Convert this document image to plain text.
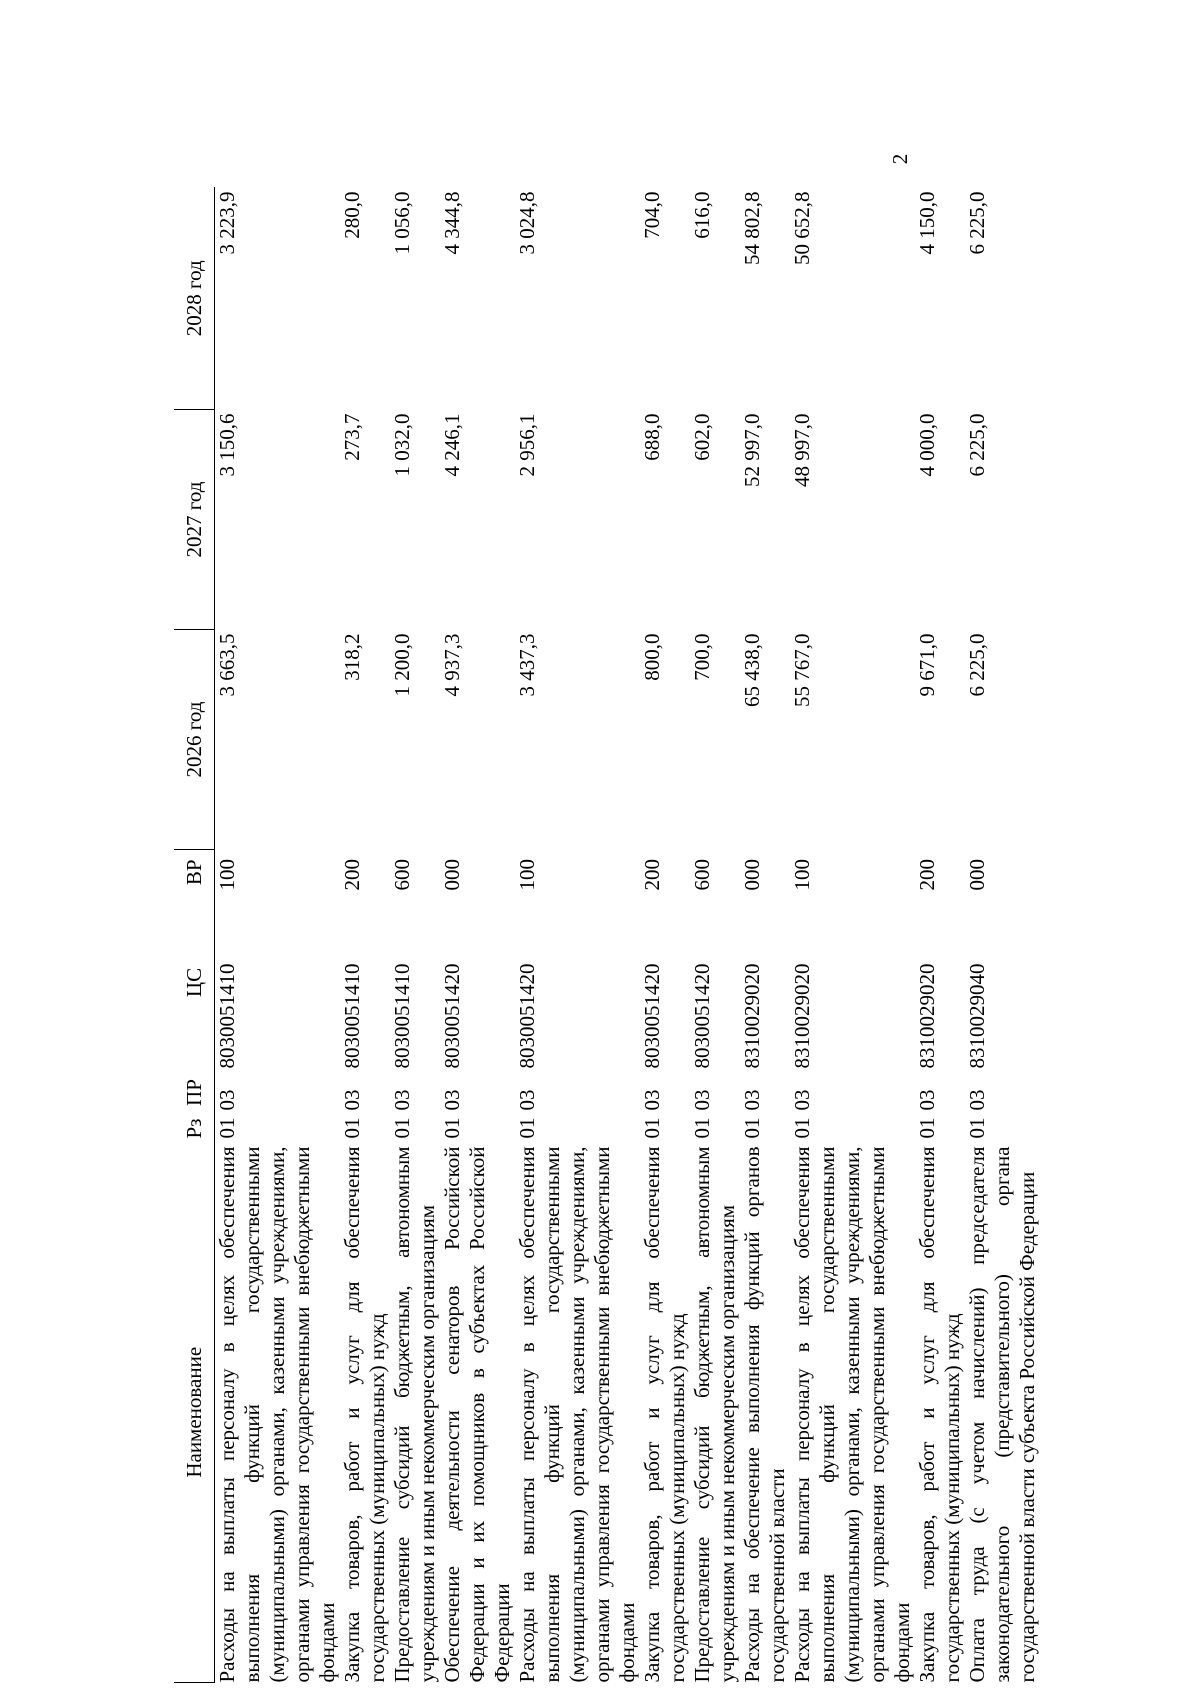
2
Наименование	Рз	ПР	ЦС	ВР	2026 год	2027 год	2028 год
Расходы на выплаты персоналу в целях обеспечения выполнения функций государственными (муниципальными) органами, казенными учреждениями, органами управления государственными внебюджетными фондами	01	03	8030051410	100	3 663,5	3 150,6	3 223,9
Закупка товаров, работ и услуг для обеспечения государственных (муниципальных) нужд	01	03	8030051410	200	318,2	273,7	280,0
Предоставление субсидий бюджетным, автономным учреждениям и иным некоммерческим организациям	01	03	8030051410	600	1 200,0	1 032,0	1 056,0
Обеспечение деятельности сенаторов Российской Федерации и их помощников в субъектах Российской Федерации	01	03	8030051420	000	4 937,3	4 246,1	4 344,8
Расходы на выплаты персоналу в целях обеспечения выполнения функций государственными (муниципальными) органами, казенными учреждениями, органами управления государственными внебюджетными фондами	01	03	8030051420	100	3 437,3	2 956,1	3 024,8
Закупка товаров, работ и услуг для обеспечения государственных (муниципальных) нужд	01	03	8030051420	200	800,0	688,0	704,0
Предоставление субсидий бюджетным, автономным учреждениям и иным некоммерческим организациям	01	03	8030051420	600	700,0	602,0	616,0
Расходы на обеспечение выполнения функций органов государственной власти	01	03	8310029020	000	65 438,0	52 997,0	54 802,8
Расходы на выплаты персоналу в целях обеспечения выполнения функций государственными (муниципальными) органами, казенными учреждениями, органами управления государственными внебюджетными фондами	01	03	8310029020	100	55 767,0	48 997,0	50 652,8
Закупка товаров, работ и услуг для обеспечения государственных (муниципальных) нужд	01	03	8310029020	200	9 671,0	4 000,0	4 150,0
Оплата труда (с учетом начислений) председателя законодательного (представительного) органа государственной власти субъекта Российской Федерации	01	03	8310029040	000	6 225,0	6 225,0	6 225,0
